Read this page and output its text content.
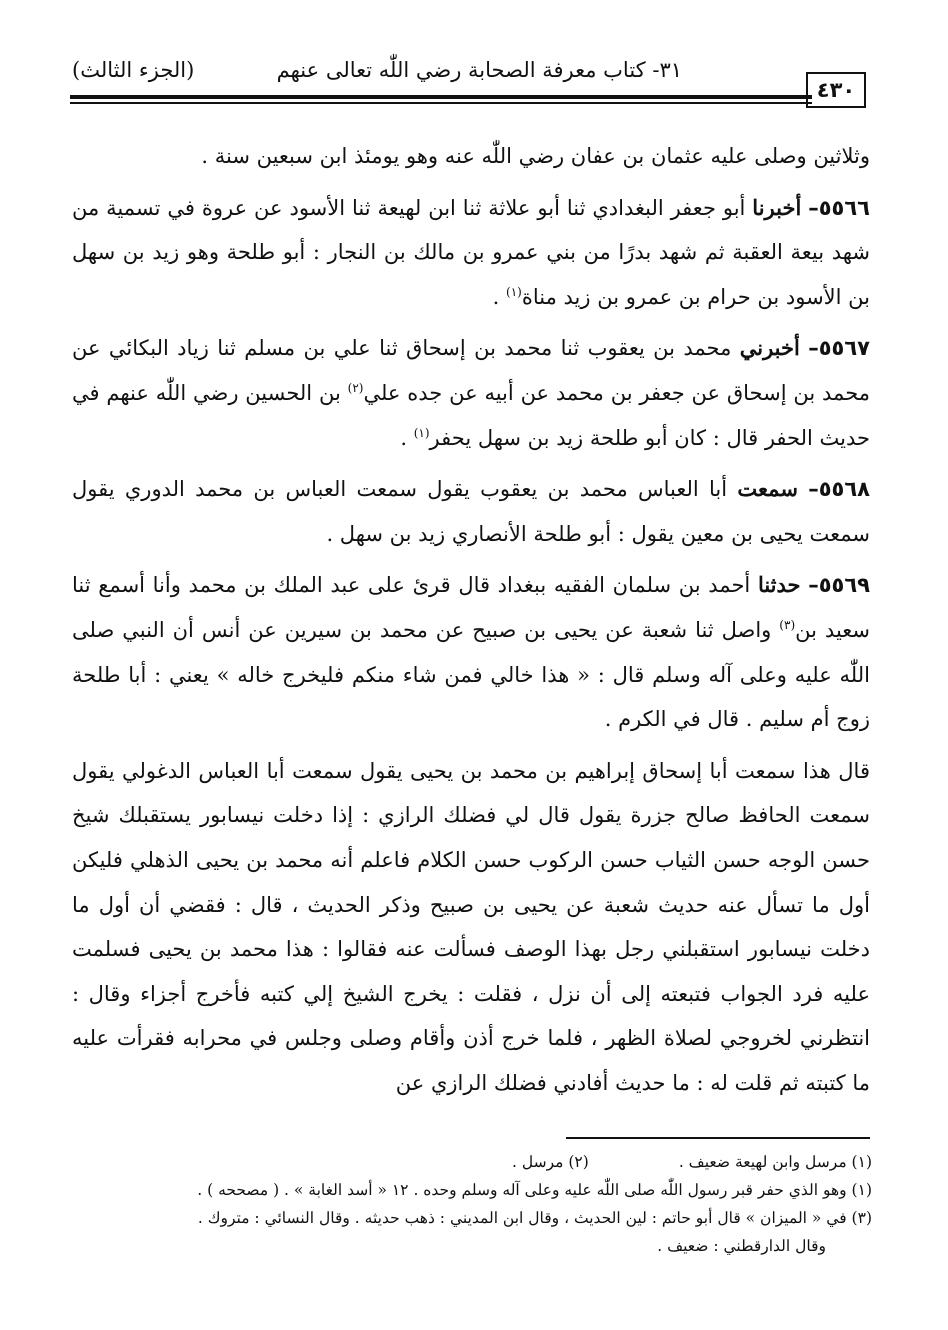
٣١- كتاب معرفة الصحابة رضي اللّٰه تعالى عنهم
(الجزء الثالث)
٤٣٠

وثلاثين وصلى عليه عثمان بن عفان رضي اللّٰه عنه وهو يومئذ ابن سبعين سنة .

٥٥٦٦– أخبرنا أبو جعفر البغدادي ثنا أبو علاثة ثنا ابن لهيعة ثنا الأسود عن عروة في تسمية من شهد بيعة العقبة ثم شهد بدرًا من بني عمرو بن مالك بن النجار : أبو طلحة وهو زيد بن سهل بن الأسود بن حرام بن عمرو بن زيد مناة$^{(١)}$ .

٥٥٦٧– أخبرني محمد بن يعقوب ثنا محمد بن إسحاق ثنا علي بن مسلم ثنا زياد البكائي عن محمد بن إسحاق عن جعفر بن محمد عن أبيه عن جده علي$^{(٢)}$ بن الحسين رضي اللّٰه عنهم في حديث الحفر قال : كان أبو طلحة زيد بن سهل يحفر$^{(١)}$ .

٥٥٦٨– سمعت أبا العباس محمد بن يعقوب يقول سمعت العباس بن محمد الدوري يقول سمعت يحيى بن معين يقول : أبو طلحة الأنصاري زيد بن سهل .

٥٥٦٩– حدثنا أحمد بن سلمان الفقيه ببغداد قال قرئ على عبد الملك بن محمد وأنا أسمع ثنا سعيد بن$^{(٣)}$ واصل ثنا شعبة عن يحيى بن صبيح عن محمد بن سيرين عن أنس أن النبي صلى اللّٰه عليه وعلى آله وسلم قال : « هذا خالي فمن شاء منكم فليخرج خاله » يعني : أبا طلحة زوج أم سليم . قال في الكرم .

قال هذا سمعت أبا إسحاق إبراهيم بن محمد بن يحيى يقول سمعت أبا العباس الدغولي يقول سمعت الحافظ صالح جزرة يقول قال لي فضلك الرازي : إذا دخلت نيسابور يستقبلك شيخ حسن الوجه حسن الثياب حسن الركوب حسن الكلام فاعلم أنه محمد بن يحيى الذهلي فليكن أول ما تسأل عنه حديث شعبة عن يحيى بن صبيح وذكر الحديث ، قال : فقضي أن أول ما دخلت نيسابور استقبلني رجل بهذا الوصف فسألت عنه فقالوا : هذا محمد بن يحيى فسلمت عليه فرد الجواب فتبعته إلى أن نزل ، فقلت : يخرج الشيخ إلي كتبه فأخرج أجزاء وقال : انتظرني لخروجي لصلاة الظهر ، فلما خرج أذن وأقام وصلى وجلس في محرابه فقرأت عليه ما كتبته ثم قلت له : ما حديث أفادني فضلك الرازي عن

(١) مرسل وابن لهيعة ضعيف .(٢) مرسل .

(١) وهو الذي حفر قبر رسول اللّٰه صلى اللّٰه عليه وعلى آله وسلم وحده . ١٢ « أسد الغابة » . ( مصححه ) .

(٣) في « الميزان » قال أبو حاتم : لين الحديث ، وقال ابن المديني : ذهب حديثه . وقال النسائي : متروك .

وقال الدارقطني : ضعيف .
